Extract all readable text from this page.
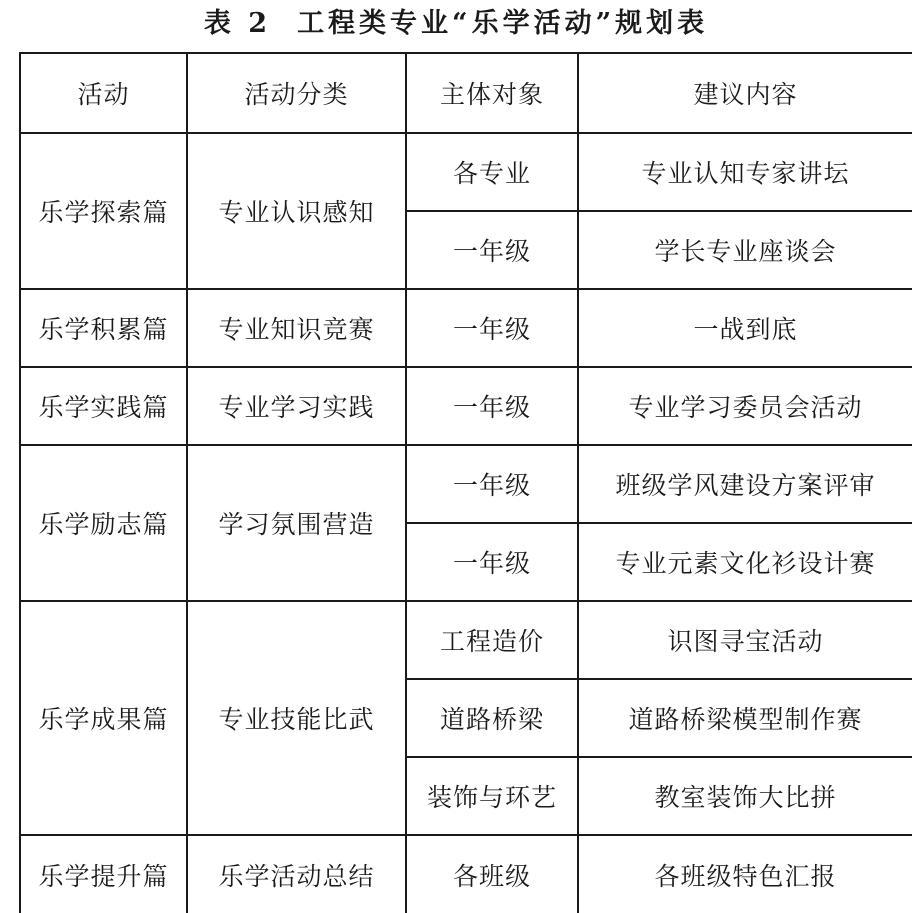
表 2 工程类专业“乐学活动”规划表
活动	活动分类	主体对象	建议内容
乐学探索篇	专业认识感知	各专业	专业认知专家讲坛
		一年级	学长专业座谈会
乐学积累篇	专业知识竞赛	一年级	一战到底
乐学实践篇	专业学习实践	一年级	专业学习委员会活动
乐学励志篇	学习氛围营造	一年级	班级学风建设方案评审
		一年级	专业元素文化衫设计赛
乐学成果篇	专业技能比武	工程造价	识图寻宝活动
		道路桥梁	道路桥梁模型制作赛
		装饰与环艺	教室装饰大比拼
乐学提升篇	乐学活动总结	各班级	各班级特色汇报
